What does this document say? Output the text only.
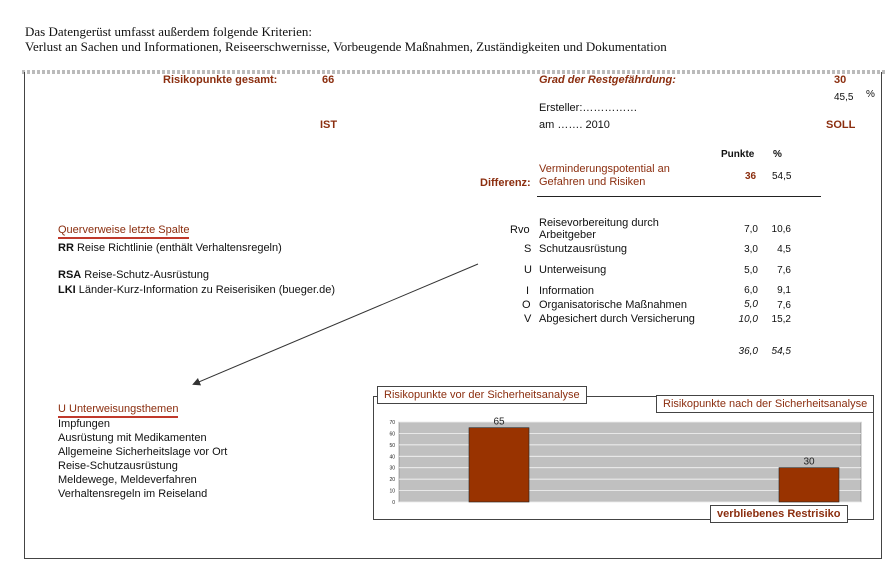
Das Datengerüst umfasst außerdem folgende Kriterien:
Verlust an Sachen und Informationen, Reiseerschwernisse, Vorbeugende Maßnahmen, Zuständigkeiten und Dokumentation
Risikopunkte gesamt:	66	Grad der Restgefährdung:	30
45,5 %
Ersteller:……………
IST	am ……. 2010	SOLL
Punkte %
Differenz:
Verminderungspotential an
Gefahren und Risiken	36 54,5
Rvo
Reisevorbereitung durch
Arbeitgeber	7,0	10,6
S Schutzausrüstung	3,0	4,5
U Unterweisung	5,0	7,6
I Information	6,0	9,1
O Organisatorische Maßnahmen	5,0	7,6
V Abgesichert durch Versicherung	10,0	15,2
36,0	54,5
Querverweise letzte Spalte
RR Reise Richtlinie (enthält Verhaltensregeln)
RSA Reise-Schutz-Ausrüstung
LKI Länder-Kurz-Information zu Reiserisiken (bueger.de)
U Unterweisungsthemen
Impfungen
Ausrüstung mit Medikamenten
Allgemeine Sicherheitslage vor Ort
Reise-Schutzausrüstung
Meldewege, Meldeverfahren
Verhaltensregeln im Reiseland
0
10
20
30
40
50
60
70	65
30
Risikopunkte vor der Sicherheitsanalyse
Risikopunkte nach der Sicherheitsanalyse
verbliebenes Restrisiko
